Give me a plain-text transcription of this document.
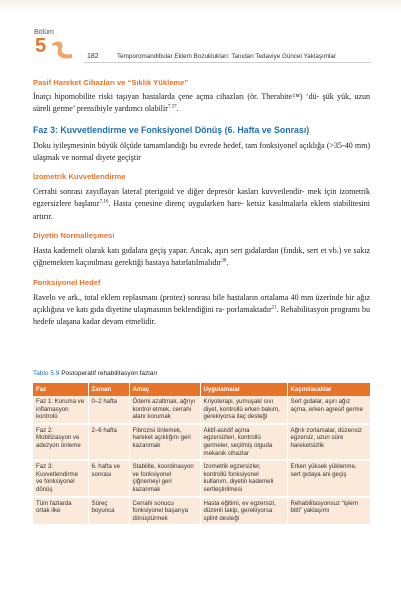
Bölüm
5	182	Temporomandibular Eklem Bozuklukları: Tanıdan Tedaviye Güncel Yaklaşımlar
Pasif Hareket Cihazları ve “Sıklık Yükleme”

İnatçı hipomobilite riski taşıyan hastalarda çene açma cihazları (ör. Therabite™) ‘dü- şük yük, uzun süreli germe’ prensibiyle yardımcı olabilir$^{7,37}$.

Faz 3: Kuvvetlendirme ve Fonksiyonel Dönüş (6. Hafta ve Sonrası)

Doku iyileşmesinin büyük ölçüde tamamlandığı bu evrede hedef, tam fonksiyonel açıklığa (>35-40 mm) ulaşmak ve normal diyete geçiştir

İzometrik Kuvvetlendirme

Cerrahi sonrası zayıflayan lateral pterigoid ve diğer depresör kasları kuvvetlendir- mek için izometrik egzersizlere başlanır$^{7,16}$. Hasta çenesine direnç uygularken hare- ketsiz kasılmalarla eklem stabilitesini artırır.

Diyetin Normalleşmesi

Hasta kademeli olarak katı gıdalara geçiş yapar. Ancak, aşırı sert gıdalardan (fındık, sert et vb.) ve sakız çiğnemekten kaçınılması gerektiği hastaya hatırlatılmalıdır$^{38}$.

Fonksiyonel Hedef

Ravelo ve ark., total eklem replasmanı (protez) sonrası bile hastaların ortalama 40 mm üzerinde bir ağız açıklığına ve katı gıda diyetine ulaşmasının beklendiğini ra- porlamaktadır$^{21}$. Rehabilitasyon programı bu hedefe ulaşana kadar devam etmelidir.

Tablo 5.9 Postoperatif rehabilitasyon fazları
Faz	Zaman	Amaç	Uygulamalar	Kaçınılacaklar
Faz 1: Koruma ve inflamasyon kontrolü	0–2 hafta	Ödemi azaltmak, ağrıyı kontrol etmek, cerrahi alanı korumak	Kriyoterapi, yumuşak/ sıvı diyet, kontrollü erken bakım, gerekiyorsa ilaç desteği	Sert gıdalar, aşırı ağız açma, erken agresif germe
Faz 2: Mobilizasyon ve adezyon önleme	2–6 hafta	Fibrozisi önlemek, hareket açıklığını geri kazanmak	Aktif-asistif açma egzersizleri, kontrollü germeler, seçilmiş olguda mekanik cihazlar	Ağrılı zorlamalar, düzensiz egzersiz, uzun süre hareketsizlik
Faz 3: Kuvvetlendirme ve fonksiyonel dönüş	6. hafta ve sonrası	Stabilite, koordinasyon ve fonksiyonel çiğnemeyi geri kazanmak	İzometrik egzersizler, kontrollü fonksiyonel kullanım, diyetin kademeli sertleştirilmesi	Erken yüksek yüklenme, sert gıdaya ani geçiş
Tüm fazlarda ortak ilke	Süreç boyunca	Cerrahi sonucu fonksiyonel başarıya dönüştürmek	Hasta eğitimi, ev egzersizi, düzenli takip, gerekiyorsa splint desteği	Rehabilitasyonsuz “işlem bitti” yaklaşımı
